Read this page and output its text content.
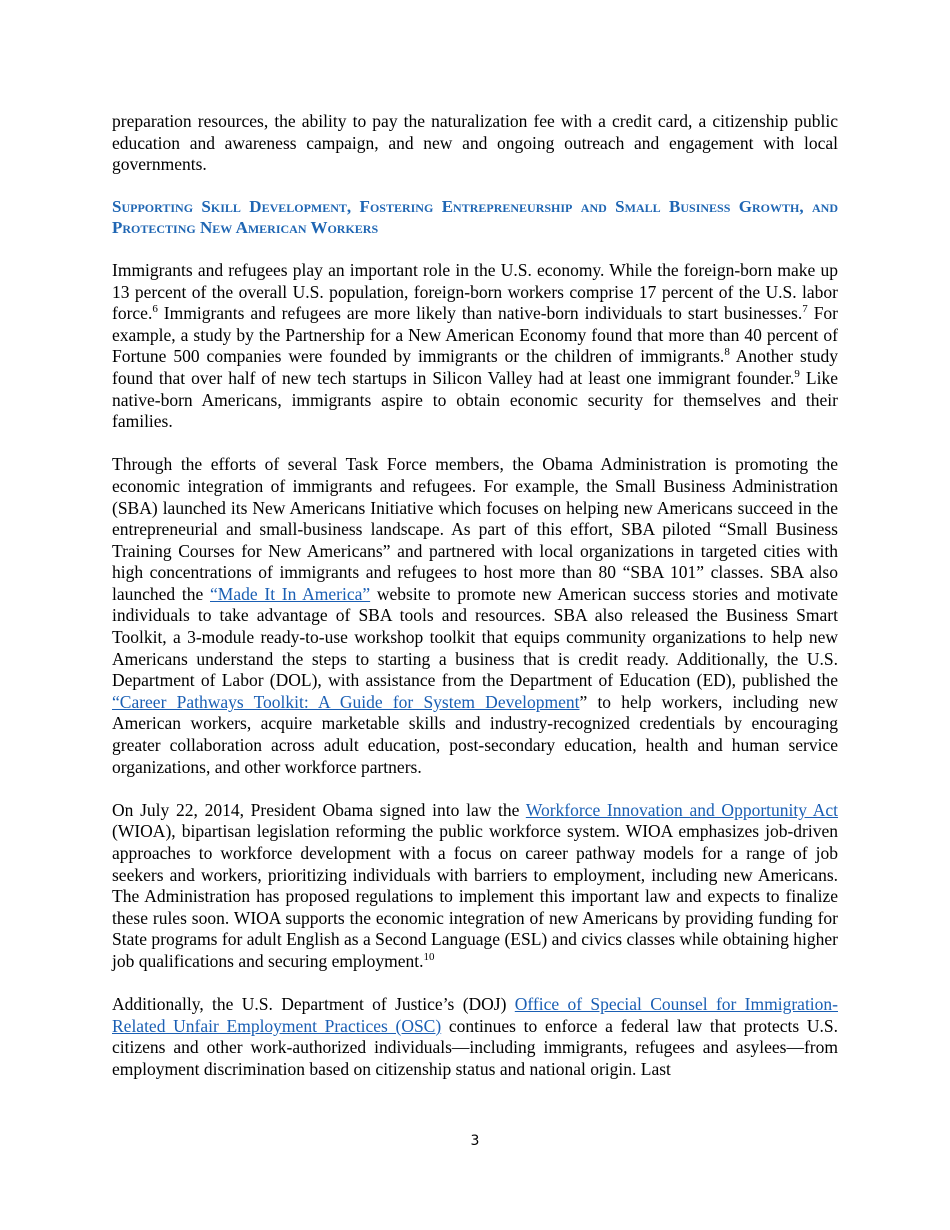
preparation resources, the ability to pay the naturalization fee with a credit card, a citizenship public education and awareness campaign, and new and ongoing outreach and engagement with local governments.

Supporting Skill Development, Fostering Entrepreneurship and Small Business Growth, and Protecting New American Workers

Immigrants and refugees play an important role in the U.S. economy. While the foreign-born make up 13 percent of the overall U.S. population, foreign-born workers comprise 17 percent of the U.S. labor force.$^6$ Immigrants and refugees are more likely than native-born individuals to start businesses.$^7$ For example, a study by the Partnership for a New American Economy found that more than 40 percent of Fortune 500 companies were founded by immigrants or the children of immigrants.$^8$ Another study found that over half of new tech startups in Silicon Valley had at least one immigrant founder.$^9$ Like native-born Americans, immigrants aspire to obtain economic security for themselves and their families.

Through the efforts of several Task Force members, the Obama Administration is promoting the economic integration of immigrants and refugees. For example, the Small Business Administration (SBA) launched its New Americans Initiative which focuses on helping new Americans succeed in the entrepreneurial and small-business landscape. As part of this effort, SBA piloted “Small Business Training Courses for New Americans” and partnered with local organizations in targeted cities with high concentrations of immigrants and refugees to host more than 80 “SBA 101” classes. SBA also launched the “Made It In America” website to promote new American success stories and motivate individuals to take advantage of SBA tools and resources. SBA also released the Business Smart Toolkit, a 3-module ready-to-use workshop toolkit that equips community organizations to help new Americans understand the steps to starting a business that is credit ready. Additionally, the U.S. Department of Labor (DOL), with assistance from the Department of Education (ED), published the “Career Pathways Toolkit: A Guide for System Development” to help workers, including new American workers, acquire marketable skills and industry-recognized credentials by encouraging greater collaboration across adult education, post-secondary education, health and human service organizations, and other workforce partners.

On July 22, 2014, President Obama signed into law the Workforce Innovation and Opportunity Act (WIOA), bipartisan legislation reforming the public workforce system. WIOA emphasizes job-driven approaches to workforce development with a focus on career pathway models for a range of job seekers and workers, prioritizing individuals with barriers to employment, including new Americans. The Administration has proposed regulations to implement this important law and expects to finalize these rules soon. WIOA supports the economic integration of new Americans by providing funding for State programs for adult English as a Second Language (ESL) and civics classes while obtaining higher job qualifications and securing employment.$^{10}$

Additionally, the U.S. Department of Justice’s (DOJ) Office of Special Counsel for Immigration-Related Unfair Employment Practices (OSC) continues to enforce a federal law that protects U.S. citizens and other work-authorized individuals—including immigrants, refugees and asylees—from employment discrimination based on citizenship status and national origin. Last

3
